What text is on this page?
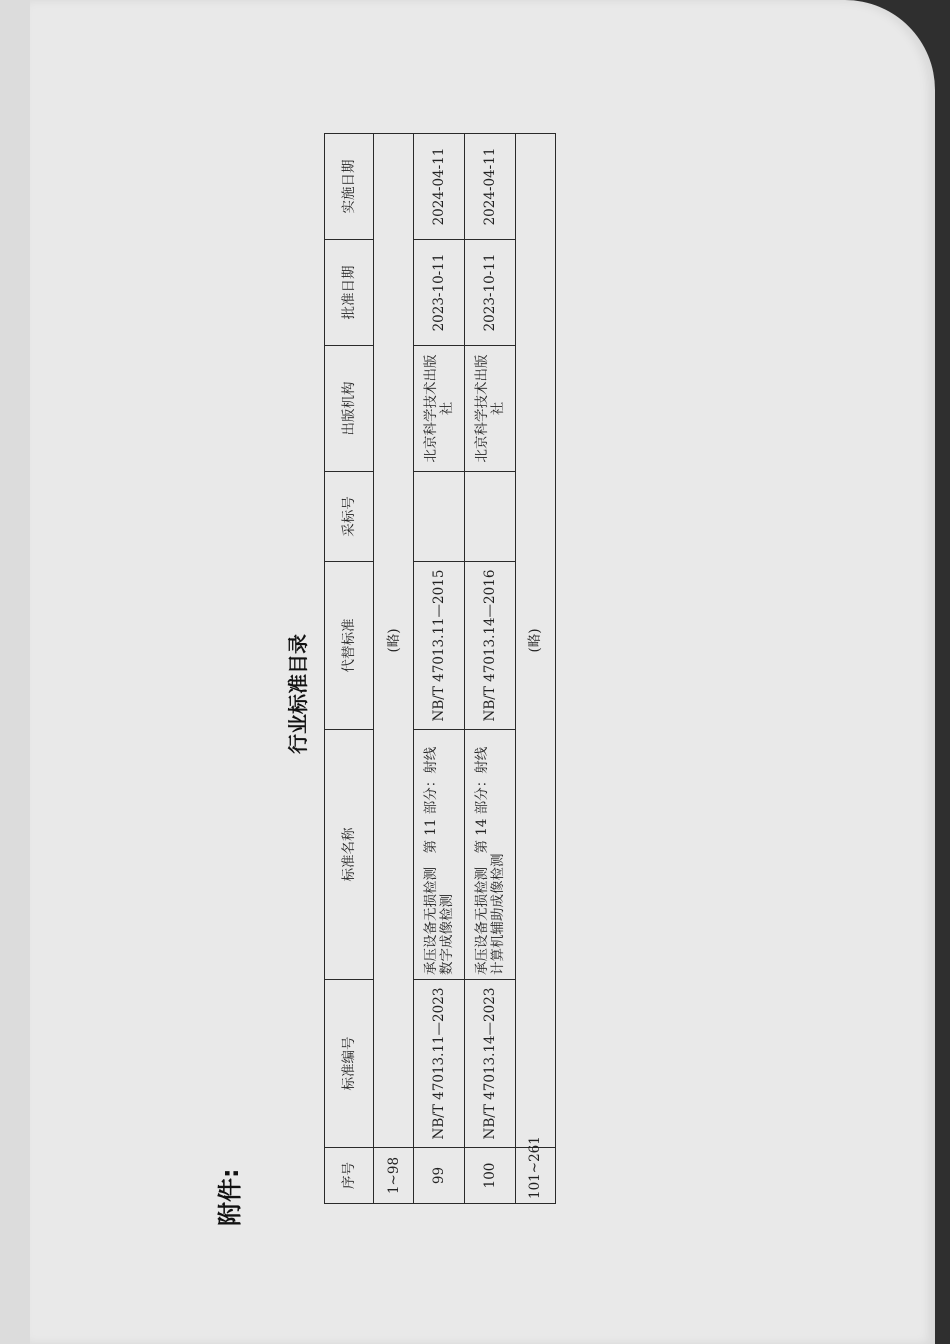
附件:
行业标准目录
序号	标准编号	标准名称	代替标准	采标号	出版机构	批准日期	实施日期
1~98	(略)						
99	NB/T 47013.11—2023	承压设备无损检测　第 11 部分：射线数字成像检测	NB/T 47013.11—2015		北京科学技术出版社	2023-10-11	2024-04-11
100	NB/T 47013.14—2023	承压设备无损检测　第 14 部分：射线计算机辅助成像检测	NB/T 47013.14—2016		北京科学技术出版社	2023-10-11	2024-04-11
101~261	(略)						
